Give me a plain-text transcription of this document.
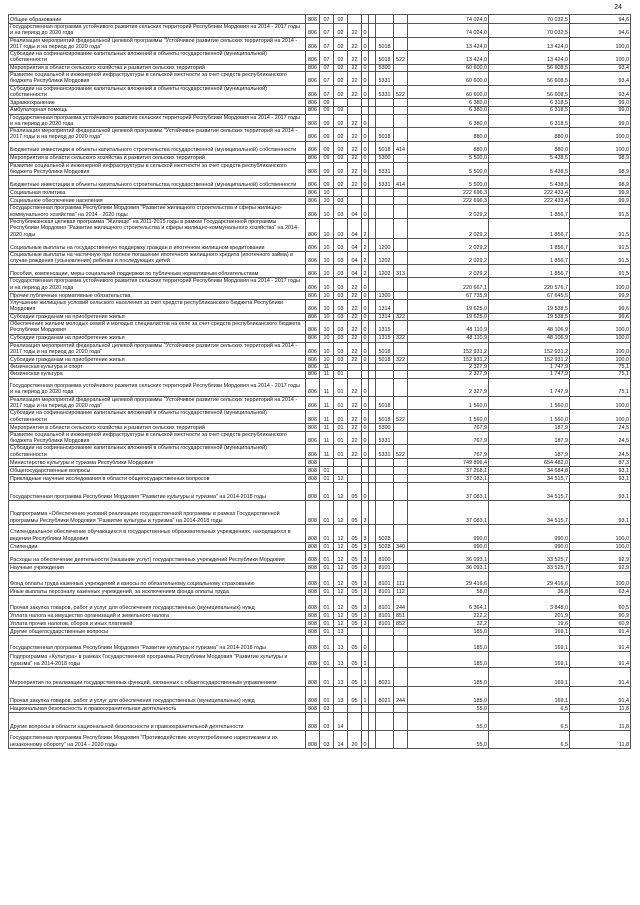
24
Общее образование	806	07	02						74 024,0	70 032,5	94,6
Государственная программа устойчивого развития сельских территорий Республики Мордовия на 2014 - 2017 годы и на период до 2020 года	806	07	02	22	0				74 024,0	70 032,5	94,6
Реализация мероприятий федеральной целевой программы "Устойчивое развитие сельских территорий на 2014 - 2017 годы и на период до 2020 года"	806	07	02	22	0		5018		13 424,0	13 424,0	100,0
Субсидии на софинансирование капитальных вложений в объекты государственной (муниципальной) собственности	806	07	02	22	0		5018	522	13 424,0	13 424,0	100,0
Мероприятия в области сельского хозяйства и развития сельских территорий	806	07	02	22	0		5300		60 600,0	56 608,5	93,4
Развитие социальной и инженерной инфраструктуры в сельской местности за счет средств республиканского бюджета Республики Мордовия	806	07	02	22	0		5331		60 600,0	56 608,5	93,4
Субсидии на софинансирование капитальных вложений в объекты государственной (муниципальной) собственности	806	07	02	22	0		5331	522	60 600,0	56 608,5	93,4
Здравоохранение	806	09							6 380,0	6 318,5	99,0
Амбулаторная помощь	806	09	02						6 380,0	6 318,5	99,0
Государственная программа устойчивого развития сельских территорий Республики Мордовия на 2014 - 2017 годы и на период до 2020 года	806	09	02	22	0				6 380,0	6 318,5	99,0
Реализация мероприятий федеральной целевой программы "Устойчивое развитие сельских территорий на 2014 - 2017 годы и на период до 2020 года"	806	09	02	22	0		5018		880,0	880,0	100,0
Бюджетные инвестиции в объекты капитального строительства государственной (муниципальной) собственности	806	09	02	22	0		5018	414	880,0	880,0	100,0
Мероприятия в области сельского хозяйства и развития сельских территорий	806	09	02	22	0		5300		5 500,0	5 438,5	98,9
Развитие социальной и инженерной инфраструктуры в сельской местности за счет средств республиканского бюджета Республики Мордовия	806	09	02	22	0		5331		5 500,0	5 438,5	98,9
Бюджетные инвестиции в объекты капитального строительства государственной (муниципальной) собственности	806	09	02	22	0		5331	414	5 500,0	5 438,5	98,9
Социальная политика	806	10							222 696,3	222 433,4	99,9
Социальное обеспечение населения	806	10	03						222 696,3	222 433,4	99,9
Государственная программа Республики Мордовия "Развитие жилищного строительства и сферы жилищно-коммунального хозяйства" на 2014 - 2020 годы	806	10	03	04	0				2 029,2	1 856,7	91,5
Республиканская целевая программа "Жилище" на 2011-2015 годы в рамках Государственной программы Республики Мордовия "Развитие жилищного строительства и сферы жилищно-коммунального хозяйства" на 2014-2020 годы	806	10	03	04	2				2 029,2	1 856,7	91,5
Социальные выплаты на государственную поддержку граждан в ипотечном жилищном кредитовании	806	10	03	04	2		1200		2 029,2	1 856,7	91,5
Социальные выплаты на частичную при полное погашение ипотечного жилищного кредита (ипотечного займа) в случае рождения (усыновления) ребенка и последующих детей	806	10	03	04	2		1202		2 029,2	1 856,7	91,5
Пособия, компенсации, меры социальной поддержки по публичным нормативным обязательствам	806	10	03	04	2		1202	313	2 029,2	1 856,7	91,5
Государственная программа устойчивого развития сельских территорий Республики Мордовия на 2014 - 2017 годы и на период до 2020 года	806	10	03	22	0				220 667,1	220 576,7	100,0
Прочие публичные нормативные обязательства	806	10	03	22	0		1300		67 735,9	67 645,5	99,9
Улучшение жилищных условий сельского населения за счет средств республиканского бюджета Республики Мордовия	806	10	03	22	0		1314		19 625,0	19 538,5	99,6
Субсидии гражданам на приобретение жилья	806	10	03	22	0		1314	322	19 625,0	19 538,5	99,6
Обеспечение жильем молодых семей и молодых специалистов на селе за счет средств республиканского бюджета Республики Мордовия	806	10	03	22	0		1315		48 110,9	48 106,9	100,0
Субсидии гражданам на приобретение жилья	806	10	03	22	0		1315	322	48 110,9	48 106,9	100,0
Реализация мероприятий федеральной целевой программы "Устойчивое развитие сельских территорий на 2014 - 2017 годы и на период до 2020 года"	806	10	03	22	0		5018		152 931,2	152 931,2	100,0
Субсидии гражданам на приобретение жилья	806	10	03	22	0		5018	322	152 931,2	152 931,2	100,0
Физическая культура и спорт	806	11							2 327,9	1 747,9	75,1
Физическая культура	806	11	01						2 327,9	1 747,9	75,1
Государственная программа устойчивого развития сельских территорий Республики Мордовия на 2014 - 2017 годы и на период до 2020 года	806	11	01	22	0				2 327,9	1 747,9	75,1
Реализация мероприятий федеральной целевой программы "Устойчивое развитие сельских территорий на 2014 - 2017 годы и на период до 2020 года"	806	11	01	22	0		5018		1 560,0	1 560,0	100,0
Субсидии на софинансирование капитальных вложений в объекты государственной (муниципальной) собственности	806	11	01	22	0		5018	522	1 560,0	1 560,0	100,0
Мероприятия в области сельского хозяйства и развития сельских территорий	806	11	01	22	0		5300		767,9	187,9	24,5
Развитие социальной и инженерной инфраструктуры в сельской местности за счет средств республиканского бюджета Республики Мордовия	806	11	01	22	0		5331		767,9	187,9	24,5
Субсидии на софинансирование капитальных вложений в объекты государственной (муниципальной) собственности	806	11	01	22	0		5331	522	767,9	187,9	24,5
Министерство культуры и туризма Республики Мордовия	808								749 896,4	654 482,0	87,3
Общегосударственные вопросы	808	01							37 268,1	34 684,8	93,1
Прикладные научные исследования в области общегосударственных вопросов	808	01	12						37 083,1	34 515,7	93,1
Государственная программа Республики Мордовия "Развитие культуры и туризма" на 2014-2018 годы	808	01	12	05	0				37 083,1	34 515,7	93,1
Подпрограмма «Обеспечение условий реализации государственной программы в рамках Государственной программы Республики Мордовия "Развитие культуры и туризма" на 2014-2018 годы	808	01	12	05	3				37 083,1	34 515,7	93,1
Стипендиальное обеспечение обучающихся в государственных образовательных учреждениях, находящихся в ведении Республики Мордовия	808	01	12	05	3		5028		990,0	990,0	100,0
Стипендии	808	01	12	05	3		5028	340	990,0	990,0	100,0
Расходы на обеспечение деятельности (оказание услуг) государственных учреждений Республики Мордовия	808	01	12	05	3		8100		36 093,1	33 525,7	92,9
Научные учреждения	808	01	12	05	3		8101		36 093,1	33 525,7	92,9
Фонд оплаты труда казенных учреждений и взносы по обязательному социальному страхованию	808	01	12	05	3		8101	111	29 416,6	29 416,6	100,0
Иные выплаты персоналу казенных учреждений, за исключением фонда оплаты труда	808	01	12	05	3		8101	112	58,0	36,8	63,4
Прочая закупка товаров, работ и услуг для обеспечения государственных (муниципальных) нужд	808	01	12	05	3		8101	244	6 364,1	3 848,0	60,5
Уплата налога на имущество организаций и земельного налога	808	01	12	05	3		8101	851	222,2	201,9	90,9
Уплата прочих налогов, сборов и иных платежей	808	01	12	05	3		8101	852	32,2	19,6	60,9
Другие общегосударственные вопросы	808	01	13						185,0	169,1	91,4
Государственная программа Республики Мордовия "Развитие культуры и туризма" на 2014-2018 годы	808	01	13	05	0				185,0	169,1	91,4
Подпрограмма «Культура» в рамках Государственной программы Республики Мордовия "Развитие культуры и туризма" на 2014-2018 годы	808	01	13	05	1				185,0	169,1	91,4
Мероприятия по реализации государственных функций, связанных с общегосударственным управлением	808	01	13	05	1		8021		185,0	169,1	91,4
Прочая закупка товаров, работ и услуг для обеспечения государственных (муниципальных) нужд	808	01	13	05	1		8021	244	185,0	169,1	91,4
Национальная безопасность и правоохранительная деятельность	808	03							55,0	6,5	11,8
Другие вопросы в области национальной безопасности и правоохранительной деятельности	808	03	14						55,0	6,5	11,8
Государственная программа Республики Мордовия "Противодействие злоупотреблению наркотиками и их незаконному обороту" на 2014 - 2020 годы	808	03	14	20	0				55,0	6,5	11,8
